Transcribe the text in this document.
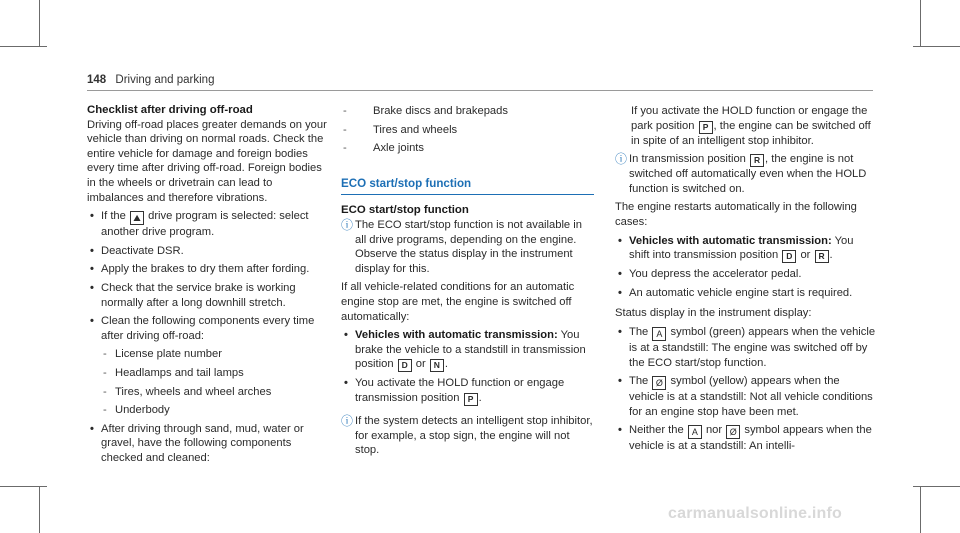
148 Driving and parking
Checklist after driving off-road

Driving off-road places greater demands on your vehicle than driving on normal roads. Check the entire vehicle for damage and foreign bodies every time after driving off-road. Foreign bodies in the wheels or drivetrain can lead to imbalances and therefore vibrations.

• If the ⛰ drive program is selected: select another drive program.
• Deactivate DSR.
• Apply the brakes to dry them after fording.
• Check that the service brake is working normally after a long downhill stretch.
• Clean the following components every time after driving off-road:
- License plate number
- Headlamps and tail lamps
- Tires, wheels and wheel arches
- Underbody
• After driving through sand, mud, water or gravel, have the following components checked and cleaned:
- Brake discs and brakepads
- Tires and wheels
- Axle joints
ECO start/stop function
ECO start/stop function
ⓘ The ECO start/stop function is not available in all drive programs, depending on the engine. Observe the status display in the instrument display for this.

If all vehicle-related conditions for an automatic engine stop are met, the engine is switched off automatically:

• Vehicles with automatic transmission: You brake the vehicle to a standstill in transmission position D or N .
• You activate the HOLD function or engage transmission position P .
ⓘ If the system detects an intelligent stop inhibitor, for example, a stop sign, the engine will not stop.

If you activate the HOLD function or engage the park position P , the engine can be switched off in spite of an intelligent stop inhibitor.

ⓘ In transmission position R , the engine is not switched off automatically even when the HOLD function is switched on.

The engine restarts automatically in the following cases:

• Vehicles with automatic transmission: You shift into transmission position D or R .
• You depress the accelerator pedal.
• An automatic vehicle engine start is required.

Status display in the instrument display:

• The A symbol (green) appears when the vehicle is at a standstill: The engine was switched off by the ECO start/stop function.
• The Ø symbol (yellow) appears when the vehicle is at a standstill: Not all vehicle conditions for an engine stop have been met.
• Neither the A nor Ø symbol appears when the vehicle is at a standstill: An intelli-
carmanualsonline.info
